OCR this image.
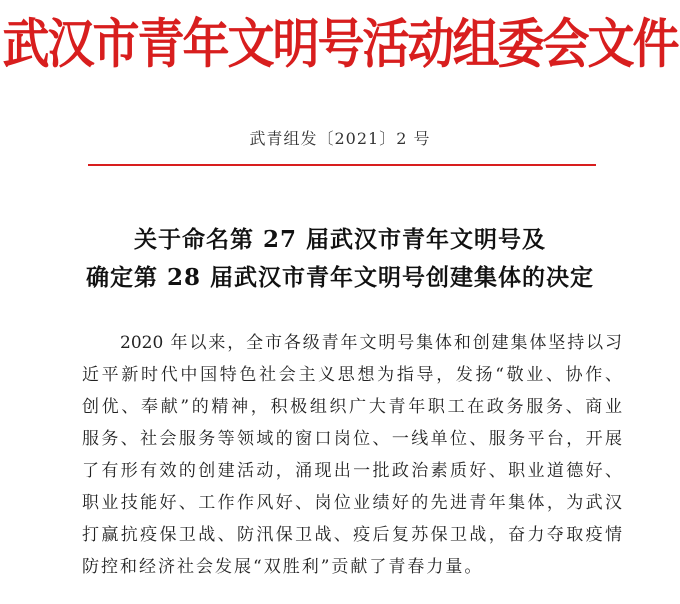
武汉市青年文明号活动组委会文件
武青组发〔2021〕2 号
关于命名第 27 届武汉市青年文明号及
确定第 28 届武汉市青年文明号创建集体的决定
2020 年以来，全市各级青年文明号集体和创建集体坚持以习
近平新时代中国特色社会主义思想为指导，发扬“敬业、协作、
创优、奉献”的精神，积极组织广大青年职工在政务服务、商业
服务、社会服务等领域的窗口岗位、一线单位、服务平台，开展
了有形有效的创建活动，涌现出一批政治素质好、职业道德好、
职业技能好、工作作风好、岗位业绩好的先进青年集体，为武汉
打赢抗疫保卫战、防汛保卫战、疫后复苏保卫战，奋力夺取疫情
防控和经济社会发展“双胜利”贡献了青春力量。
